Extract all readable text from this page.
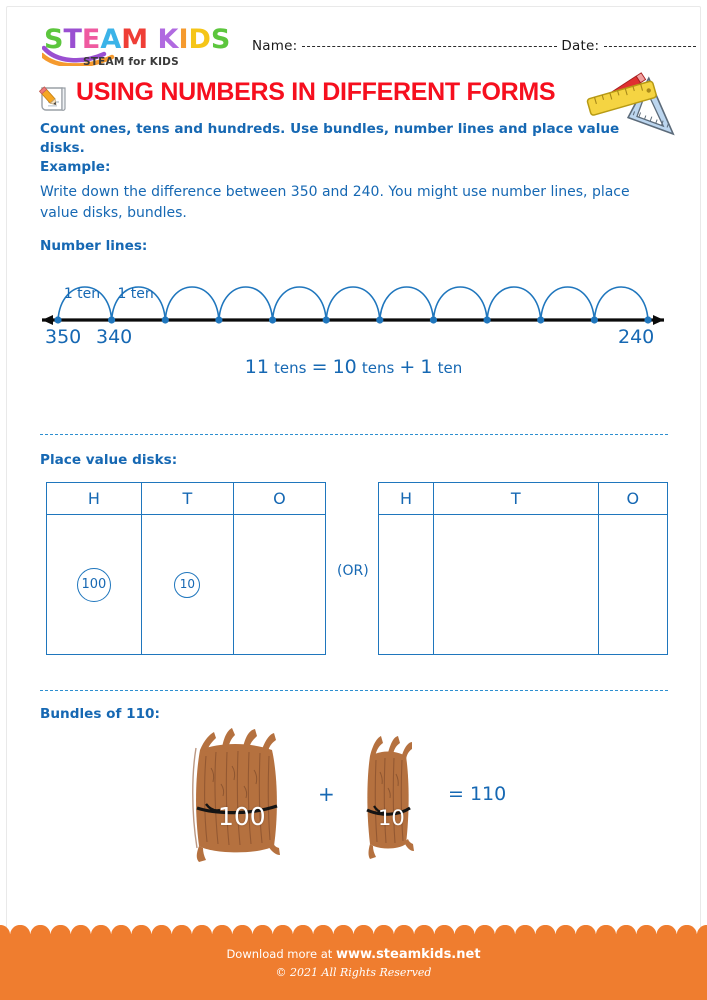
STEAM KIDS
STEAM for KIDS
Name:	Date:
USING NUMBERS IN DIFFERENT FORMS
Count ones, tens and hundreds. Use bundles, number lines and place value disks.
Example:
Write down the difference between 350 and 240. You might use number lines, place value disks, bundles.
Number lines:
1 ten 1 ten
350 340	240
11 tens = 10 tens + 1 ten
Place value disks:
H	T	O
100	10	
(OR)
H	T	O

Bundles of 110:
100	10
+	= 110
Download more at www.steamkids.net
© 2021 All Rights Reserved
